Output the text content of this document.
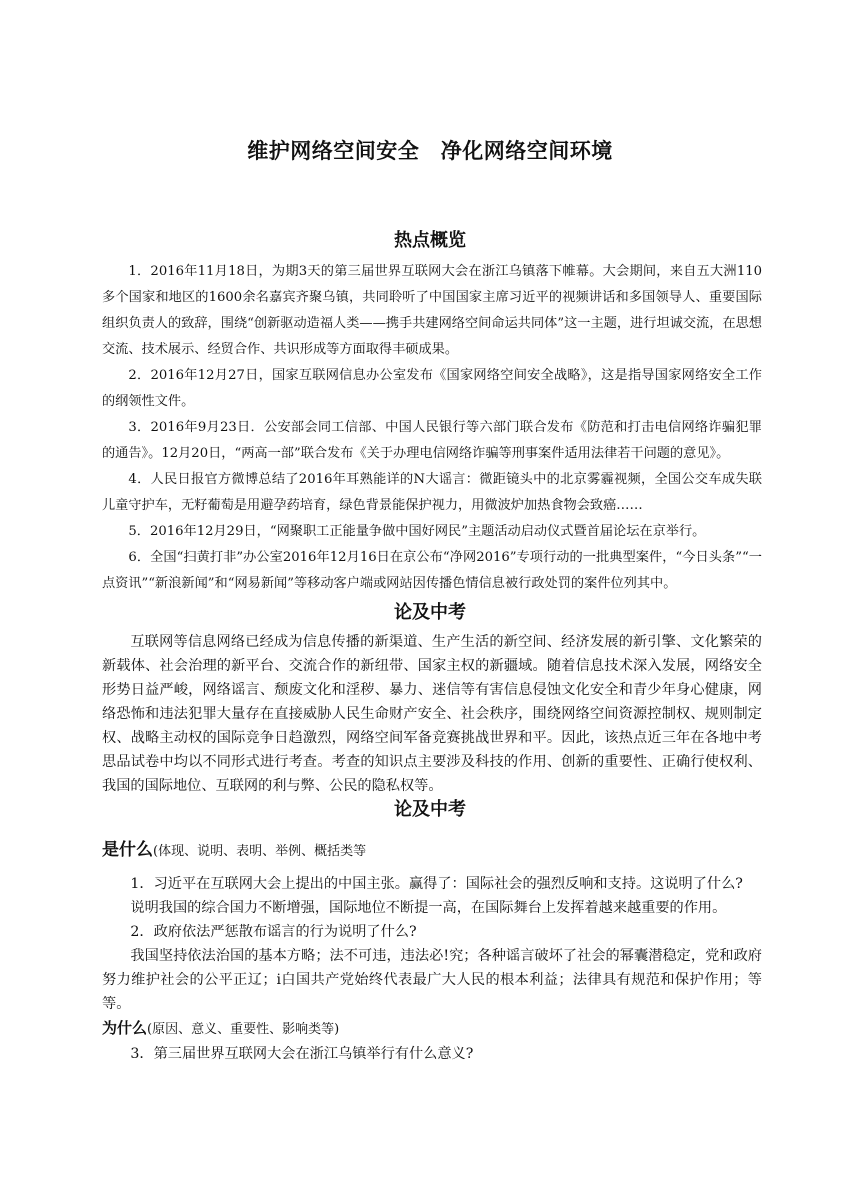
维护网络空间安全　净化网络空间环境
热点概览

1．2016年11月18日，为期3天的第三届世界互联网大会在浙江乌镇落下帷幕。大会期间，来自五大洲110多个国家和地区的1600余名嘉宾齐聚乌镇，共同聆听了中国国家主席习近平的视频讲话和多国领导人、重要国际组织负责人的致辞，围绕“创新驱动造福人类——携手共建网络空间命运共同体”这一主题，进行坦诚交流，在思想交流、技术展示、经贸合作、共识形成等方面取得丰硕成果。

2．2016年12月27日，国家互联网信息办公室发布《国家网络空间安全战略》，这是指导国家网络安全工作的纲领性文件。

3．2016年9月23日．公安部会同工信部、中国人民银行等六部门联合发布《防范和打击电信网络诈骗犯罪的通告》。12月20日，“两高一部”联合发布《关于办理电信网络诈骗等刑事案件适用法律若干问题的意见》。

4．人民日报官方微博总结了2016年耳熟能详的N大谣言：微距镜头中的北京雾霾视频，全国公交车成失联儿童守护车，无籽葡萄是用避孕药培育，绿色背景能保护视力，用微波炉加热食物会致癌……

5．2016年12月29日，“网聚职工正能量争做中国好网民”主题活动启动仪式暨首届论坛在京举行。

6．全国“扫黄打非”办公室2016年12月16日在京公布“净网2016”专项行动的一批典型案件，“今日头条”“一点资讯”“新浪新闻”和“网易新闻”等移动客户端或网站因传播色情信息被行政处罚的案件位列其中。

论及中考

互联网等信息网络已经成为信息传播的新渠道、生产生活的新空间、经济发展的新引擎、文化繁荣的新载体、社会治理的新平台、交流合作的新纽带、国家主权的新疆域。随着信息技术深入发展，网络安全形势日益严峻，网络谣言、颓废文化和淫秽、暴力、迷信等有害信息侵蚀文化安全和青少年身心健康，网络恐怖和违法犯罪大量存在直接威胁人民生命财产安全、社会秩序，围绕网络空间资源控制权、规则制定权、战略主动权的国际竞争日趋激烈，网络空间军备竞赛挑战世界和平。因此，该热点近三年在各地中考思品试卷中均以不同形式进行考查。考查的知识点主要涉及科技的作用、创新的重要性、正确行使权利、我国的国际地位、互联网的利与弊、公民的隐私权等。

论及中考

是什么(体现、说明、表明、举例、概括类等

1．习近平在互联网大会上提出的中国主张。赢得了：国际社会的强烈反响和支持。这说明了什么?

说明我国的综合国力不断增强，国际地位不断提一高，在国际舞台上发挥着越来越重要的作用。

2．政府依法严惩散布谣言的行为说明了什么?

我国坚持依法治国的基本方略；法不可违，违法必!究；各种谣言破坏了社会的幂囊潜稳定，党和政府努力维护社会的公平正辽；i白国共产党始终代表最广大人民的根本利益；法律具有规范和保护作用；等等。

为什么(原因、意义、重要性、影响类等)

3．第三届世界互联网大会在浙江乌镇举行有什么意义?
